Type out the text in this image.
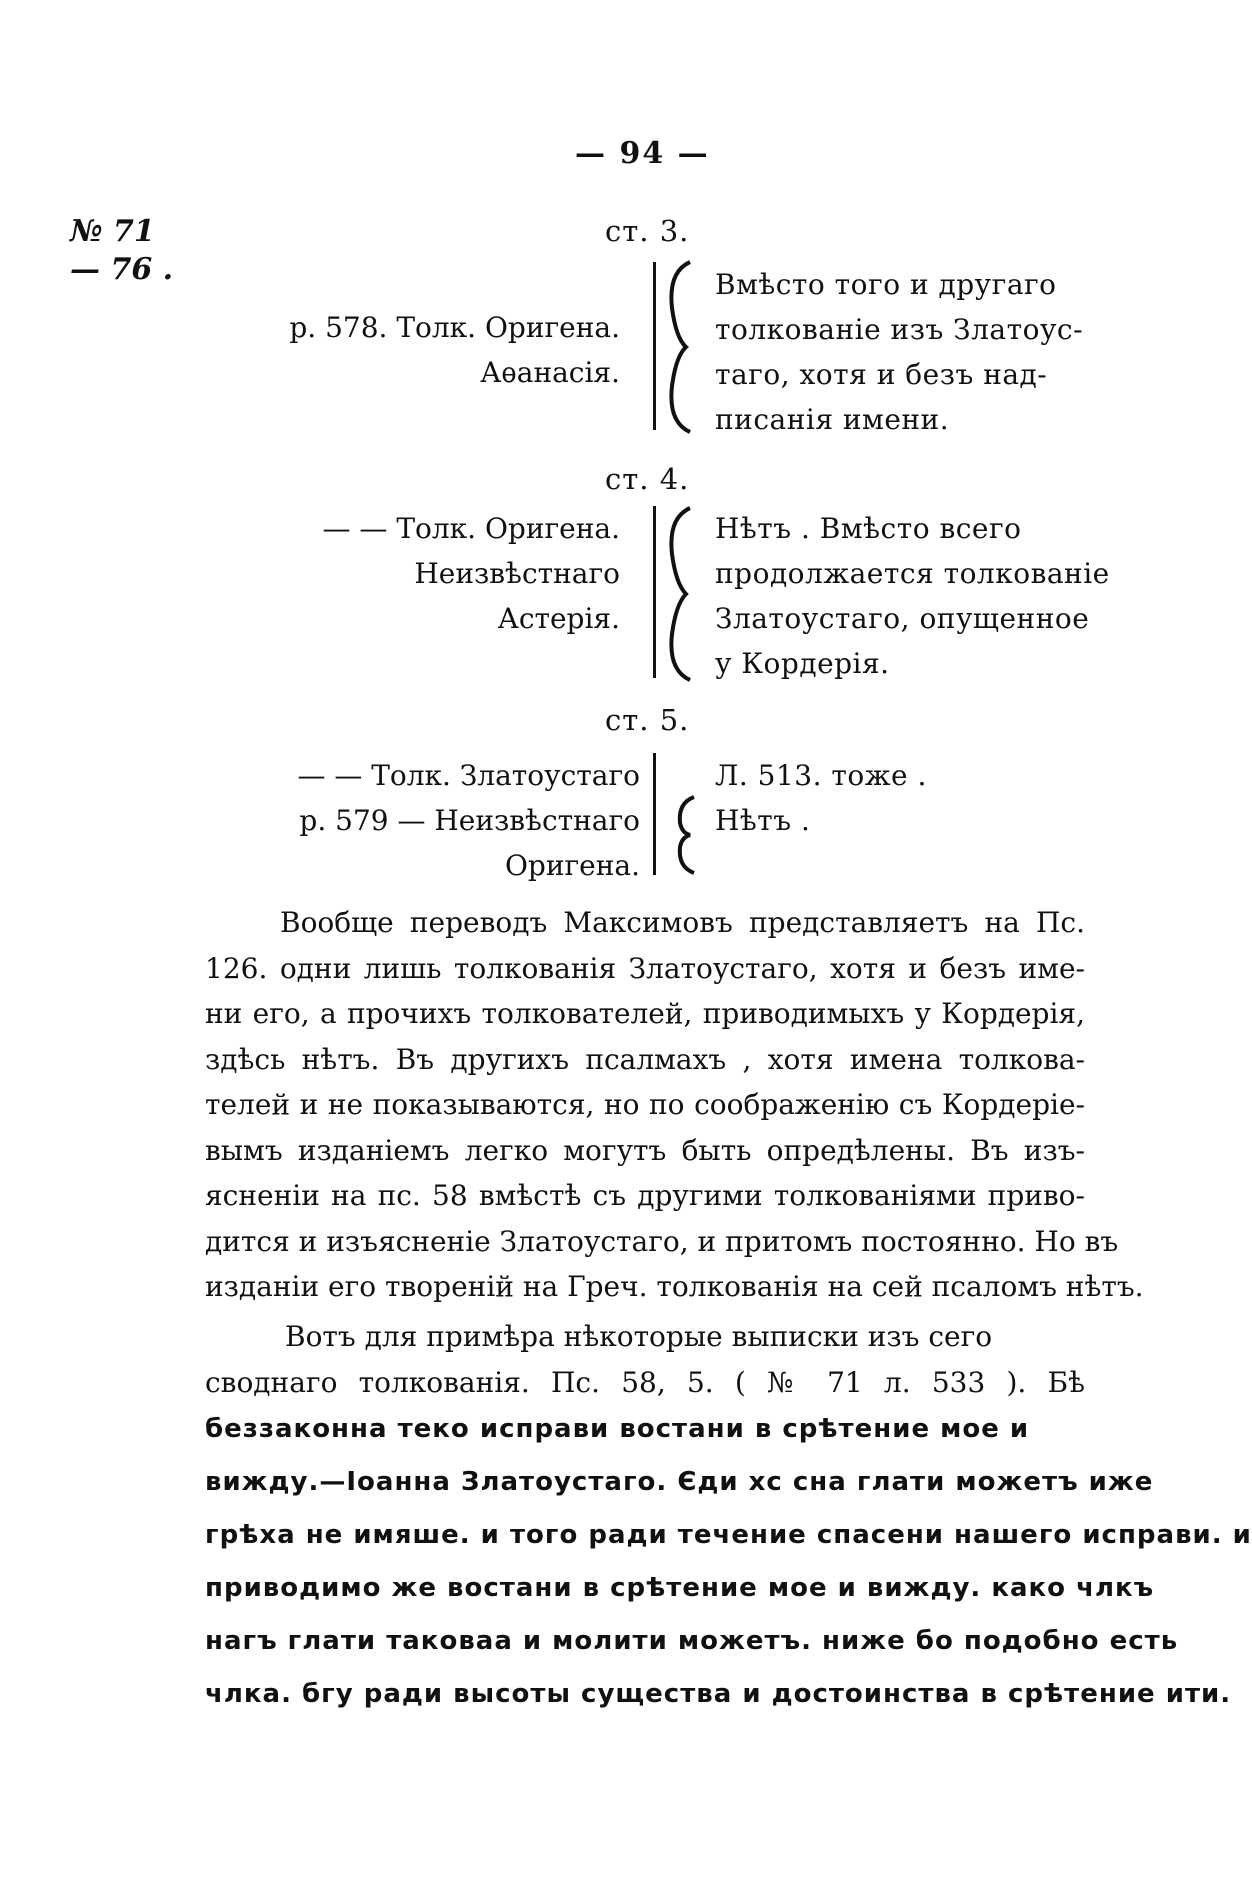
— 94 —
№ 71
— 76 .
ст. 3.
р. 578. Толк. Оригена.
Аѳанасія.
Вмѣсто того и другаго
толкованіе изъ Златоус-
таго, хотя и безъ над-
писанія имени.
ст. 4.
— — Толк. Оригена.
Неизвѣстнаго
Астерія.
Нѣтъ . Вмѣсто всего
продолжается толкованіе
Златоустаго, опущенное
у Кордерія.
ст. 5.
— — Толк. Златоустаго
р. 579 — Неизвѣстнаго
Оригена.
Л. 513. тоже .
Нѣтъ .
Вообще переводъ Максимовъ представляетъ на Пс.
126. одни лишь толкованія Златоустаго, хотя и безъ име-
ни его, а прочихъ толкователей, приводимыхъ у Кордерія,
здѣсь нѣтъ. Въ другихъ псалмахъ , хотя имена толкова-
телей и не показываются, но по соображенію съ Кордеріе-
вымъ изданіемъ легко могутъ быть опредѣлены. Въ изъ-
ясненіи на пс. 58 вмѣстѣ съ другими толкованіями приво-
дится и изъясненіе Златоустаго, и притомъ постоянно. Но въ
изданіи его твореній на Греч. толкованія на сей псаломъ нѣтъ.
Вотъ для примѣра нѣкоторые выписки изъ сего
своднаго толкованія. Пс. 58, 5. ( № 71 л. 533 ). Бѣ
беззаконна теко исправи востани в срѣтение мое и
вижду.—Іоанна Златоустаго. Єди хс сна глати можетъ иже
грѣха не имяше. и того ради течение спасени нашего исправи. и
приводимо же востани в срѣтение мое и вижду. како члкъ
нагъ глати таковаа и молити можетъ. ниже бо подобно есть
члка. бгу ради высоты существа и достоинства в срѣтение ити.
